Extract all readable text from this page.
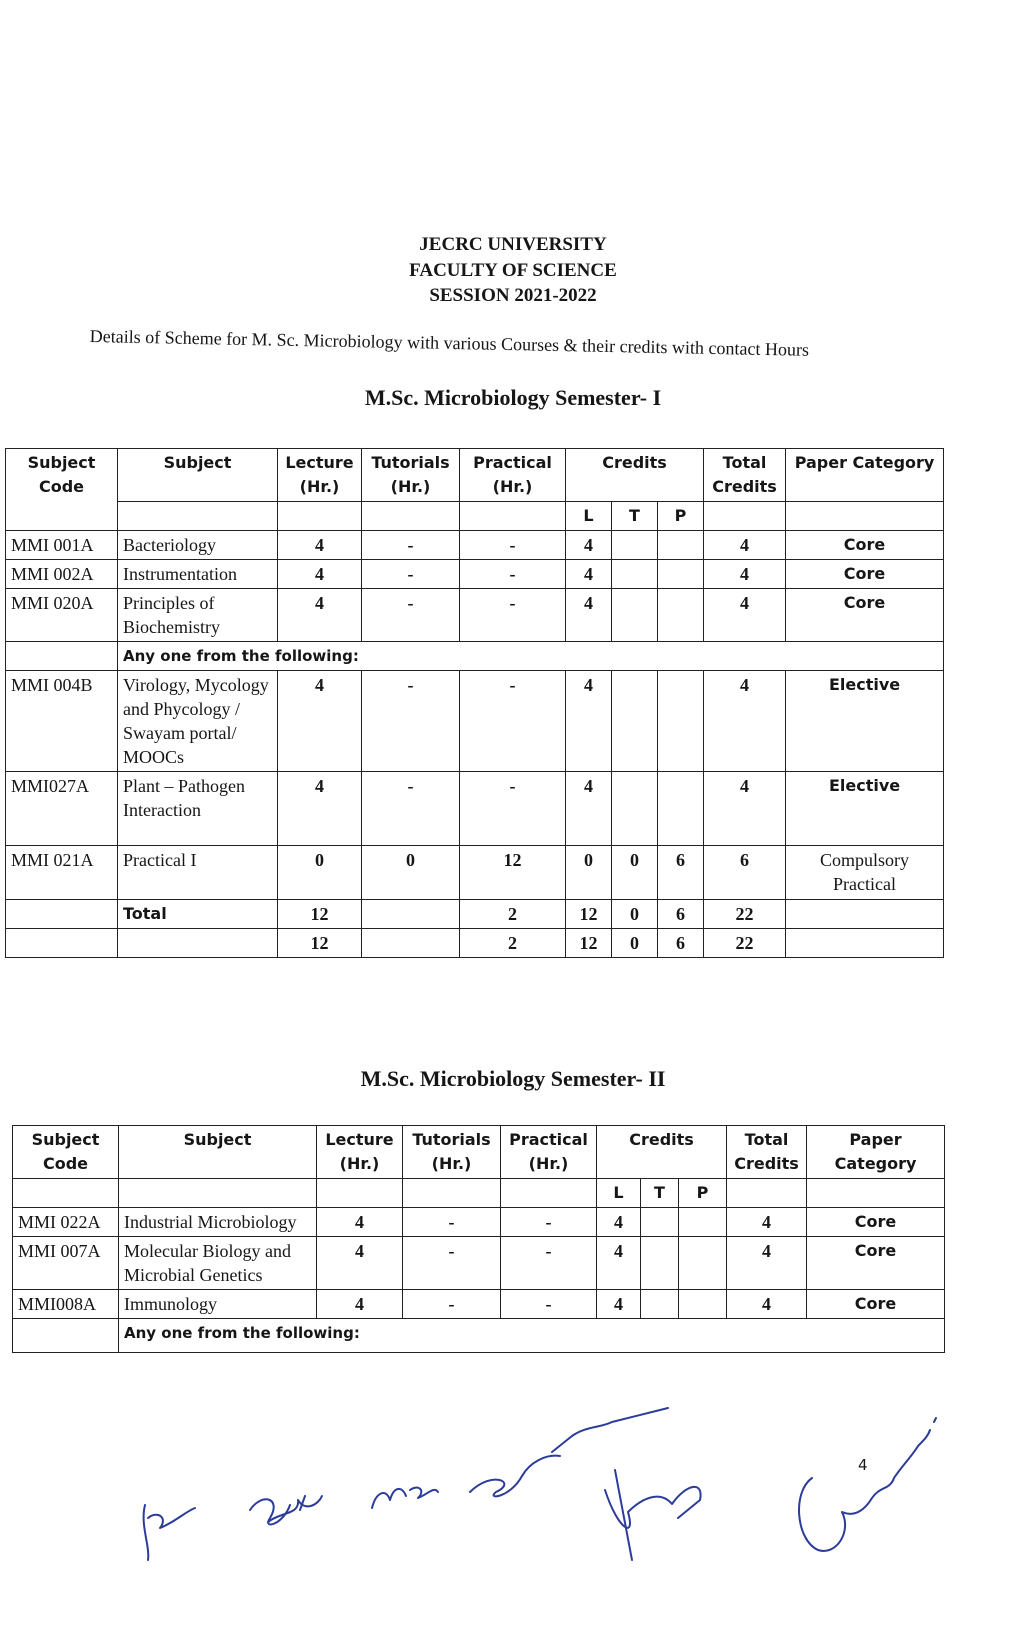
JECRC UNIVERSITY
FACULTY OF SCIENCE
SESSION 2021-2022
Details of Scheme for M. Sc. Microbiology with various Courses & their credits with contact Hours
M.Sc. Microbiology Semester- I
Subject Code	Subject	Lecture (Hr.)	Tutorials (Hr.)	Practical (Hr.)	Credits			Total Credits	Paper Category
					L	T	P		
MMI 001A	Bacteriology	4	-	-	4			4	Core
MMI 002A	Instrumentation	4	-	-	4			4	Core
MMI 020A	Principles of Biochemistry	4	-	-	4			4	Core
	Any one from the following:								
MMI 004B	Virology, Mycology and Phycology / Swayam portal/ MOOCs	4	-	-	4			4	Elective
MMI027A	Plant – Pathogen Interaction	4	-	-	4			4	Elective
MMI 021A	Practical I	0	0	12	0	0	6	6	Compulsory Practical
	Total	12		2	12	0	6	22	
		12		2	12	0	6	22	
M.Sc. Microbiology Semester- II
Subject Code	Subject	Lecture (Hr.)	Tutorials (Hr.)	Practical (Hr.)	Credits			Total Credits	Paper Category
					L	T	P		
MMI 022A	Industrial Microbiology	4	-	-	4			4	Core
MMI 007A	Molecular Biology and Microbial Genetics	4	-	-	4			4	Core
MMI008A	Immunology	4	-	-	4			4	Core
	Any one from the following:								
4
